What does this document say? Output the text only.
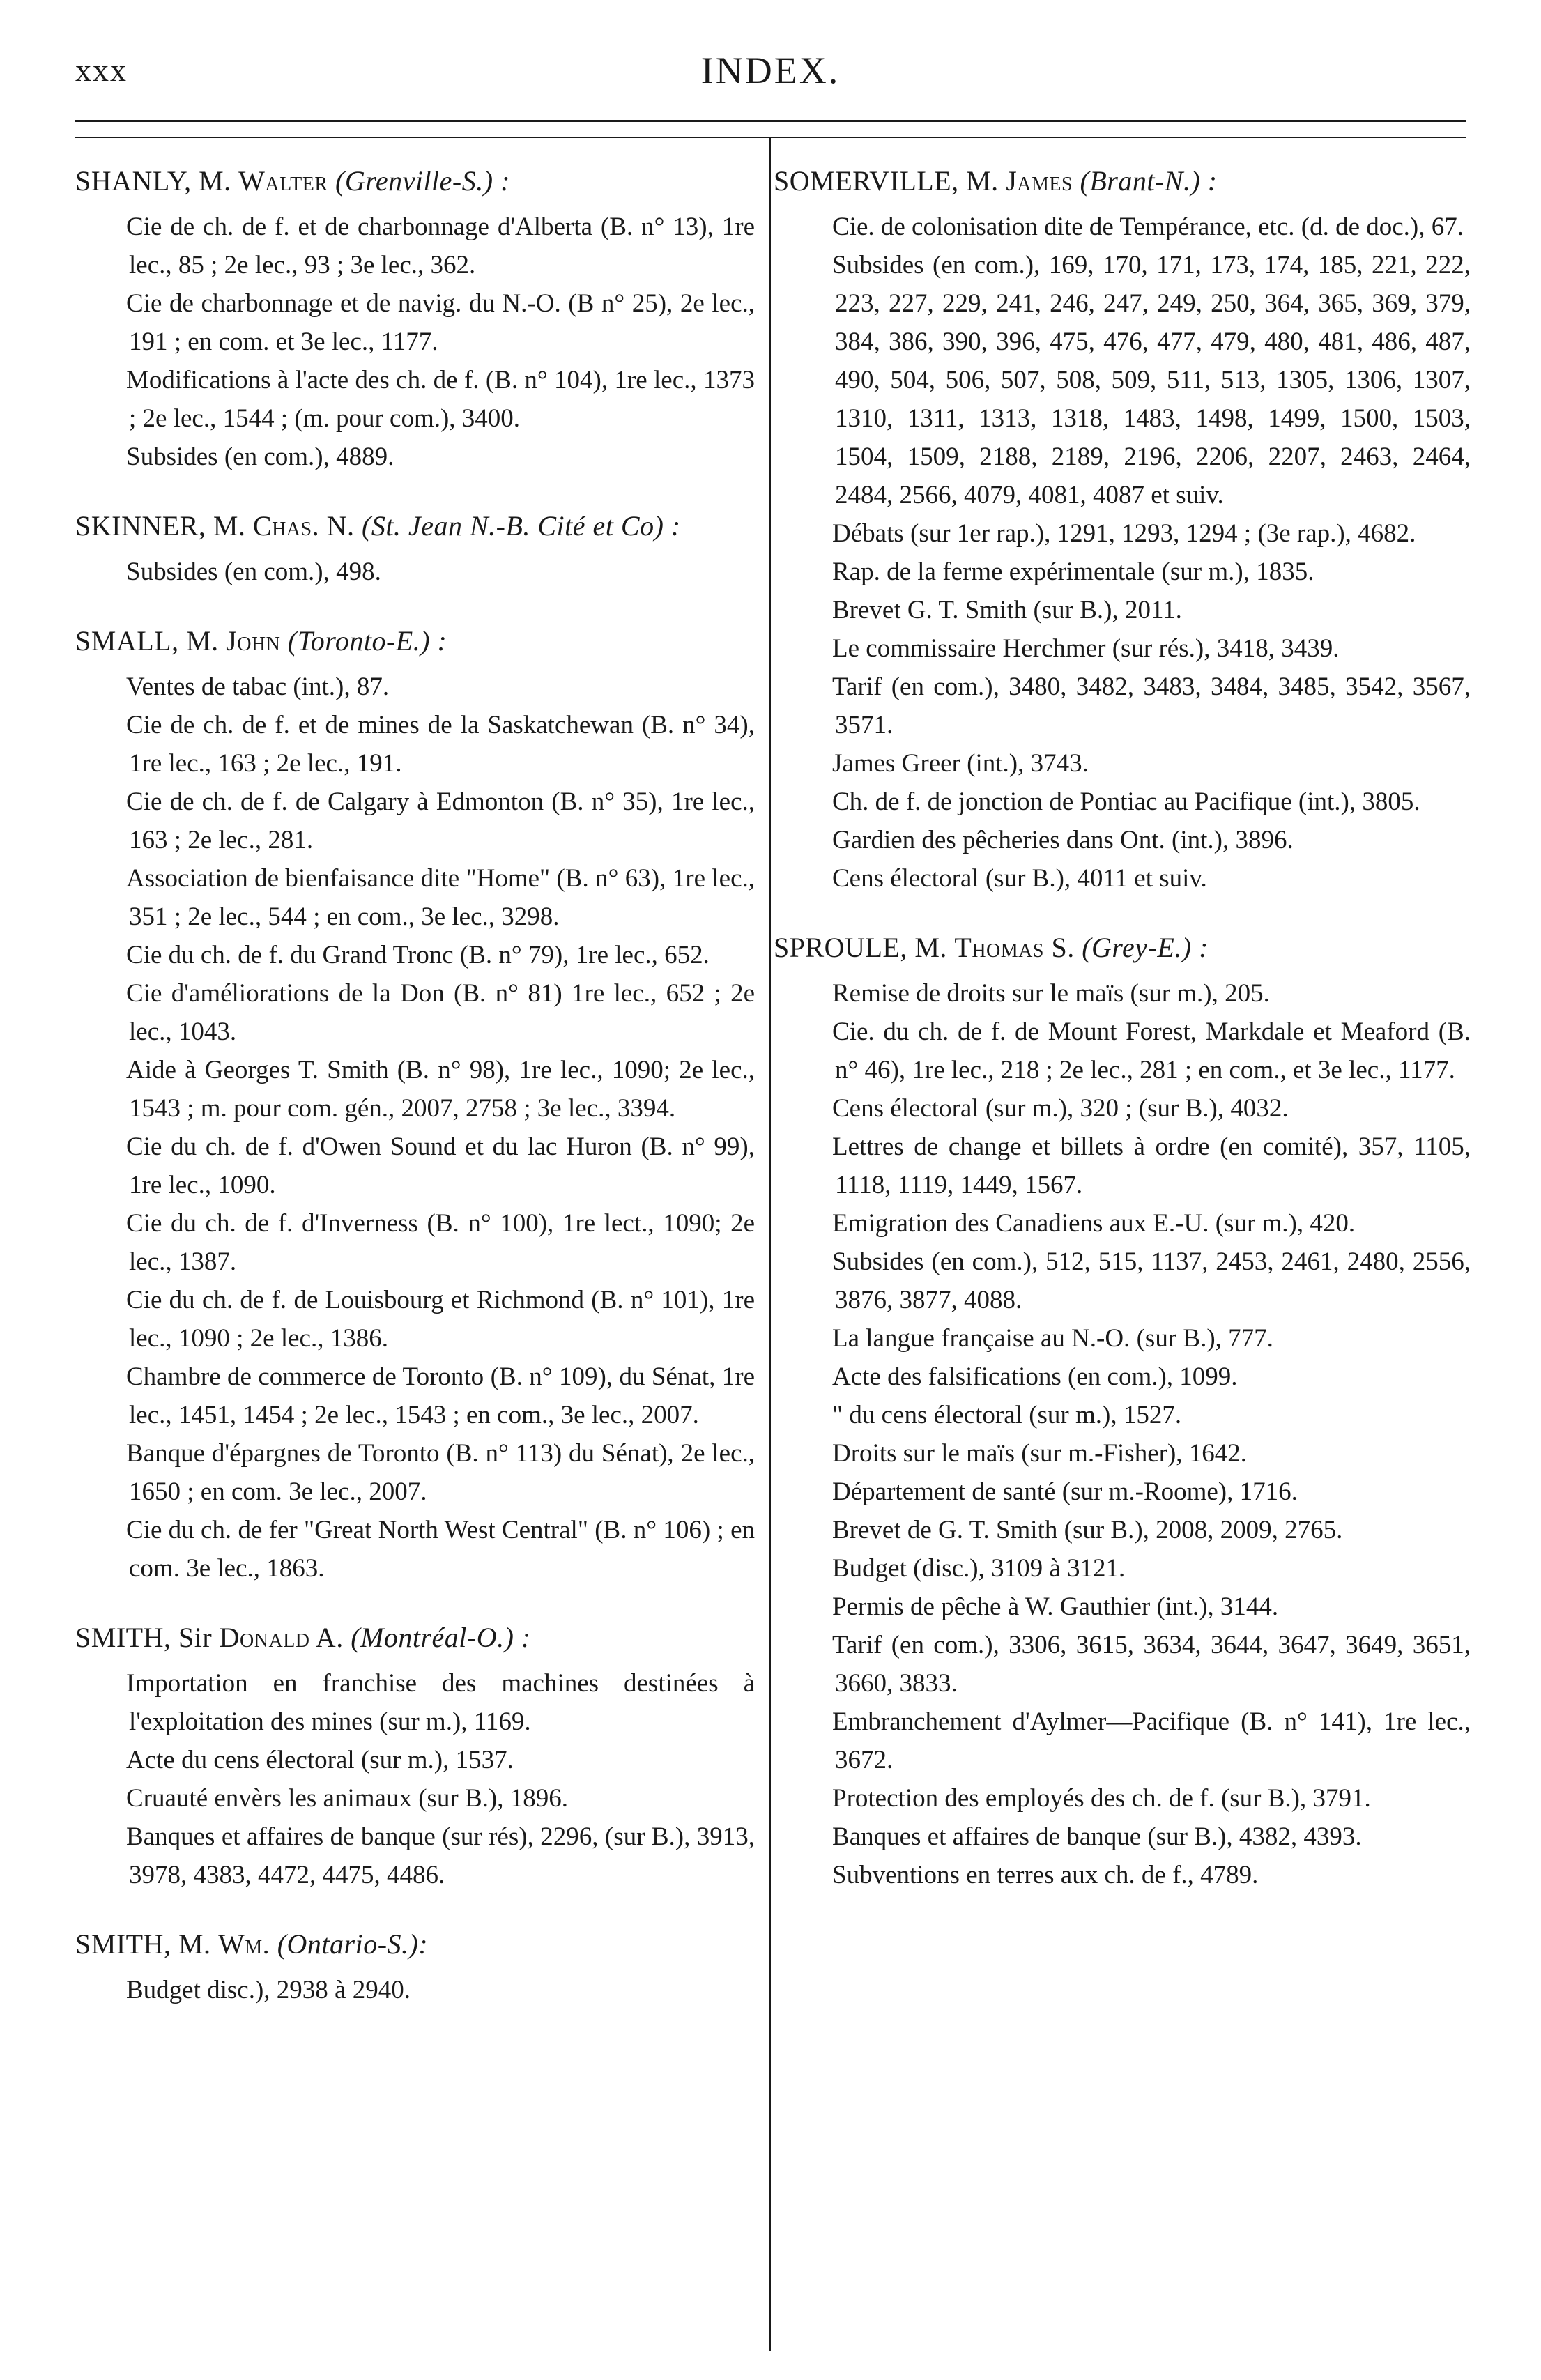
xxx	INDEX.
SHANLY, M. Walter (Grenville-S.) :

Cie de ch. de f. et de charbonnage d'Alberta (B. n° 13), 1re lec., 85 ; 2e lec., 93 ; 3e lec., 362.

Cie de charbonnage et de navig. du N.-O. (B n° 25), 2e lec., 191 ; en com. et 3e lec., 1177.

Modifications à l'acte des ch. de f. (B. n° 104), 1re lec., 1373 ; 2e lec., 1544 ; (m. pour com.), 3400.

Subsides (en com.), 4889.

SKINNER, M. Chas. N. (St. Jean N.-B. Cité et Co) :

Subsides (en com.), 498.

SMALL, M. John (Toronto-E.) :

Ventes de tabac (int.), 87.

Cie de ch. de f. et de mines de la Saskatchewan (B. n° 34), 1re lec., 163 ; 2e lec., 191.

Cie de ch. de f. de Calgary à Edmonton (B. n° 35), 1re lec., 163 ; 2e lec., 281.

Association de bienfaisance dite "Home" (B. n° 63), 1re lec., 351 ; 2e lec., 544 ; en com., 3e lec., 3298.

Cie du ch. de f. du Grand Tronc (B. n° 79), 1re lec., 652.

Cie d'améliorations de la Don (B. n° 81) 1re lec., 652 ; 2e lec., 1043.

Aide à Georges T. Smith (B. n° 98), 1re lec., 1090; 2e lec., 1543 ; m. pour com. gén., 2007, 2758 ; 3e lec., 3394.

Cie du ch. de f. d'Owen Sound et du lac Huron (B. n° 99), 1re lec., 1090.

Cie du ch. de f. d'Inverness (B. n° 100), 1re lect., 1090; 2e lec., 1387.

Cie du ch. de f. de Louisbourg et Richmond (B. n° 101), 1re lec., 1090 ; 2e lec., 1386.

Chambre de commerce de Toronto (B. n° 109), du Sénat, 1re lec., 1451, 1454 ; 2e lec., 1543 ; en com., 3e lec., 2007.

Banque d'épargnes de Toronto (B. n° 113) du Sénat), 2e lec., 1650 ; en com. 3e lec., 2007.

Cie du ch. de fer "Great North West Central" (B. n° 106) ; en com. 3e lec., 1863.

SMITH, Sir Donald A. (Montréal-O.) :

Importation en franchise des machines destinées à l'exploitation des mines (sur m.), 1169.

Acte du cens électoral (sur m.), 1537.

Cruauté envèrs les animaux (sur B.), 1896.

Banques et affaires de banque (sur rés), 2296, (sur B.), 3913, 3978, 4383, 4472, 4475, 4486.

SMITH, M. Wm. (Ontario-S.):

Budget disc.), 2938 à 2940.

SOMERVILLE, M. James (Brant-N.) :

Cie. de colonisation dite de Tempérance, etc. (d. de doc.), 67.

Subsides (en com.), 169, 170, 171, 173, 174, 185, 221, 222, 223, 227, 229, 241, 246, 247, 249, 250, 364, 365, 369, 379, 384, 386, 390, 396, 475, 476, 477, 479, 480, 481, 486, 487, 490, 504, 506, 507, 508, 509, 511, 513, 1305, 1306, 1307, 1310, 1311, 1313, 1318, 1483, 1498, 1499, 1500, 1503, 1504, 1509, 2188, 2189, 2196, 2206, 2207, 2463, 2464, 2484, 2566, 4079, 4081, 4087 et suiv.

Débats (sur 1er rap.), 1291, 1293, 1294 ; (3e rap.), 4682.

Rap. de la ferme expérimentale (sur m.), 1835.

Brevet G. T. Smith (sur B.), 2011.

Le commissaire Herchmer (sur rés.), 3418, 3439.

Tarif (en com.), 3480, 3482, 3483, 3484, 3485, 3542, 3567, 3571.

James Greer (int.), 3743.

Ch. de f. de jonction de Pontiac au Pacifique (int.), 3805.

Gardien des pêcheries dans Ont. (int.), 3896.

Cens électoral (sur B.), 4011 et suiv.

SPROULE, M. Thomas S. (Grey-E.) :

Remise de droits sur le maïs (sur m.), 205.

Cie. du ch. de f. de Mount Forest, Markdale et Meaford (B. n° 46), 1re lec., 218 ; 2e lec., 281 ; en com., et 3e lec., 1177.

Cens électoral (sur m.), 320 ; (sur B.), 4032.

Lettres de change et billets à ordre (en comité), 357, 1105, 1118, 1119, 1449, 1567.

Emigration des Canadiens aux E.-U. (sur m.), 420.

Subsides (en com.), 512, 515, 1137, 2453, 2461, 2480, 2556, 3876, 3877, 4088.

La langue française au N.-O. (sur B.), 777.

Acte des falsifications (en com.), 1099.

" du cens électoral (sur m.), 1527.

Droits sur le maïs (sur m.-Fisher), 1642.

Département de santé (sur m.-Roome), 1716.

Brevet de G. T. Smith (sur B.), 2008, 2009, 2765.

Budget (disc.), 3109 à 3121.

Permis de pêche à W. Gauthier (int.), 3144.

Tarif (en com.), 3306, 3615, 3634, 3644, 3647, 3649, 3651, 3660, 3833.

Embranchement d'Aylmer—Pacifique (B. n° 141), 1re lec., 3672.

Protection des employés des ch. de f. (sur B.), 3791.

Banques et affaires de banque (sur B.), 4382, 4393.

Subventions en terres aux ch. de f., 4789.
